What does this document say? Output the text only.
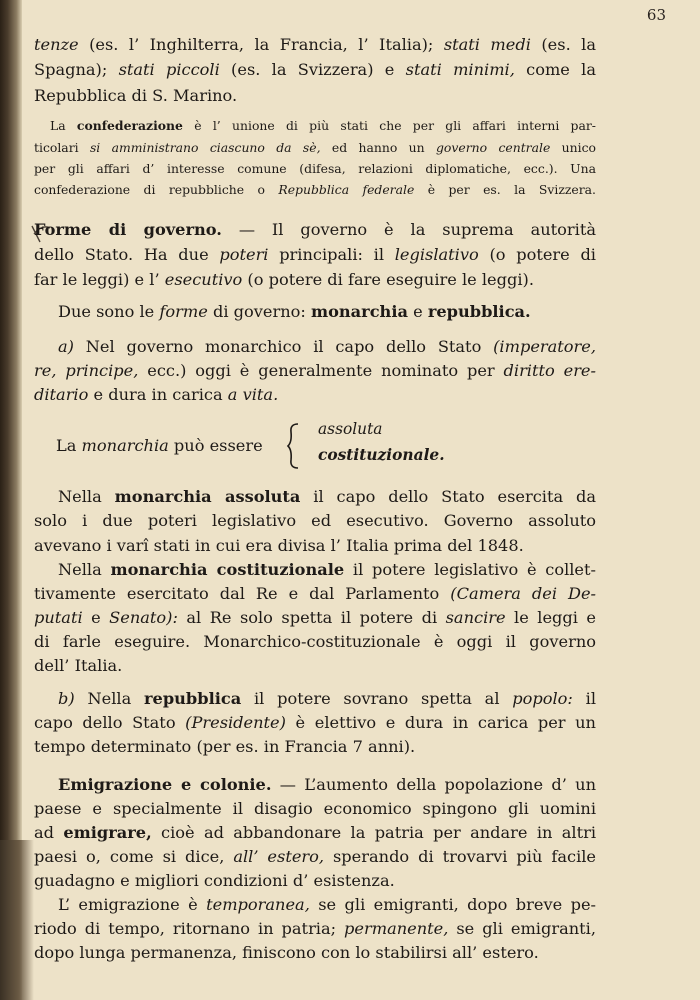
63
tenze (es. l’ Inghilterra, la Francia, l’ Italia); stati medi (es. la
Spagna); stati piccoli (es. la Svizzera) e stati minimi, come la
Repubblica di S. Marino.
La confederazione è l’ unione di più stati che per gli affari interni par-
ticolari si amministrano ciascuno da sè, ed hanno un governo centrale unico
per gli affari d’ interesse comune (difesa, relazioni diplomatiche, ecc.). Una
confederazione di repubbliche o Repubblica federale è per es. la Svizzera.
Forme di governo. — Il governo è la suprema autorità
dello Stato. Ha due poteri principali: il legislativo (o potere di
far le leggi) e l’ esecutivo (o potere di fare eseguire le leggi).
Due sono le forme di governo: monarchia e repubblica.
a) Nel governo monarchico il capo dello Stato (imperatore,
re, principe, ecc.) oggi è generalmente nominato per diritto ere-
ditario e dura in carica a vita.
La monarchia può essere
assoluta
costituzionale.
Nella monarchia assoluta il capo dello Stato esercita da
solo i due poteri legislativo ed esecutivo. Governo assoluto
avevano i varî stati in cui era divisa l’ Italia prima del 1848.
Nella monarchia costituzionale il potere legislativo è collet-
tivamente esercitato dal Re e dal Parlamento (Camera dei De-
putati e Senato): al Re solo spetta il potere di sancire le leggi e
di farle eseguire. Monarchico-costituzionale è oggi il governo
dell’ Italia.
b) Nella repubblica il potere sovrano spetta al popolo: il
capo dello Stato (Presidente) è elettivo e dura in carica per un
tempo determinato (per es. in Francia 7 anni).
Emigrazione e colonie. — L’aumento della popolazione d’ un
paese e specialmente il disagio economico spingono gli uomini
ad emigrare, cioè ad abbandonare la patria per andare in altri
paesi o, come si dice, all’ estero, sperando di trovarvi più facile
guadagno e migliori condizioni d’ esistenza.
L’ emigrazione è temporanea, se gli emigranti, dopo breve pe-
riodo di tempo, ritornano in patria; permanente, se gli emigranti,
dopo lunga permanenza, finiscono con lo stabilirsi all’ estero.
